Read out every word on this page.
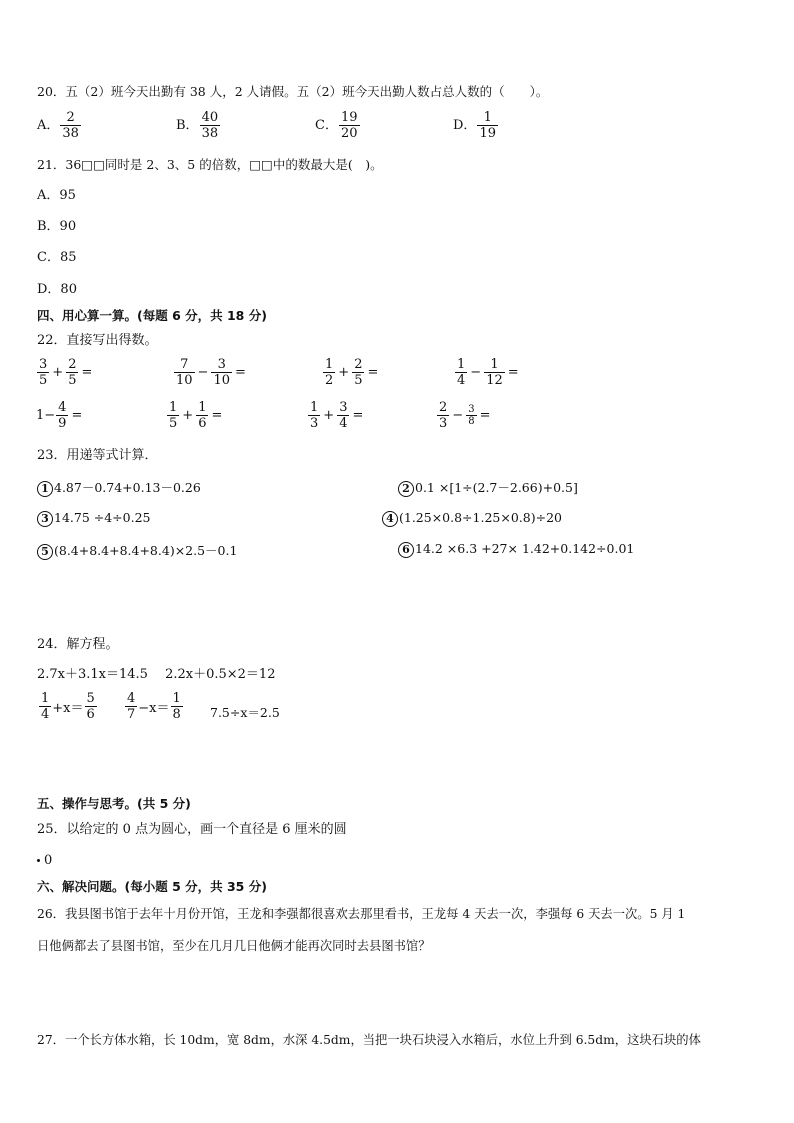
20．五（2）班今天出勤有 38 人，2 人请假。五（2）班今天出勤人数占总人数的（　　）。
A． $\frac{2}{38}$	B． $\frac{40}{38}$	C． $\frac{19}{20}$	D． $\frac{1}{19}$
21．36□□同时是 2、3、5 的倍数，□□中的数最大是(　)。
A．95
B．90
C．85
D．80
四、用心算一算。(每题 6 分，共 18 分)
22．直接写出得数。
$\frac{3}{5} + \frac{2}{5}$ =	$\frac{7}{10} - \frac{3}{10}$ =	$\frac{1}{2} + \frac{2}{5}$ =	$\frac{1}{4} - \frac{1}{12}$ =
$1- \frac{4}{9}$ =	$\frac{1}{5} + \frac{1}{6}$ =	$\frac{1}{3} + \frac{3}{4}$ =	$\frac{2}{3} - \frac{3}{8}$ =
23．用递等式计算．
1 4.87－0.74+0.13－0.26	2 0.1 ×[1÷(2.7－2.66)+0.5]
3 14.75 ÷4÷0.25	4 (1.25×0.8÷1.25×0.8)÷20
5 (8.4+8.4+8.4+8.4)×2.5－0.1	6 14.2 ×6.3 +27× 1.42+0.142÷0.01
24．解方程。
2.7x＋3.1x＝14.5　 2.2x＋0.5×2＝12
$\frac{1}{4} +x= \frac{5}{6} \frac{4}{7} -x= \frac{1}{8} 7.5\div x=2.5$
五、操作与思考。(共 5 分)
25．以给定的 0 点为圆心，画一个直径是 6 厘米的圆
0
六、解决问题。(每小题 5 分，共 35 分)
26．我县图书馆于去年十月份开馆，王龙和李强都很喜欢去那里看书，王龙每 4 天去一次，李强每 6 天去一次。5 月 1
日他俩都去了县图书馆，至少在几月几日他俩才能再次同时去县图书馆？
27．一个长方体水箱，长 10dm，宽 8dm，水深 4.5dm，当把一块石块浸入水箱后，水位上升到 6.5dm，这块石块的体
